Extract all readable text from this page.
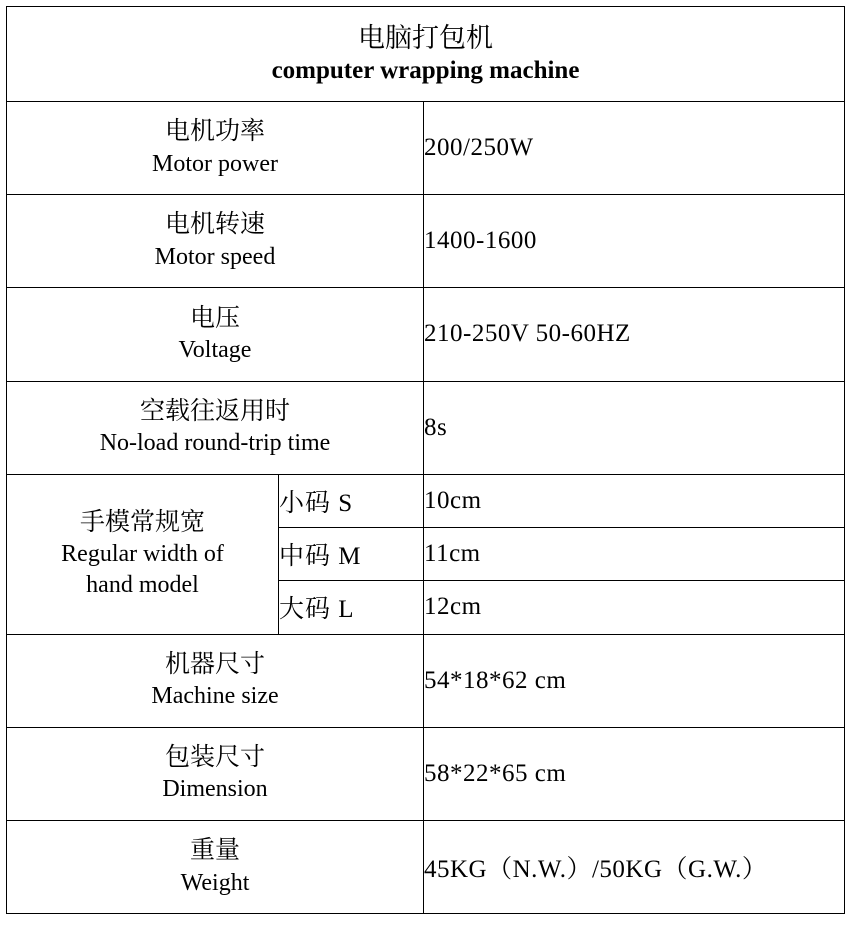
电脑打包机
computer wrapping machine		

电机功率
Motor power		200/250W

电机转速
Motor speed		1400-1600

电压
Voltage		210-250V 50-60HZ

空载往返用时
No-load round-trip time		8s

手模常规宽
Regular width of
hand model	小码 S	10cm
	中码 M	11cm
	大码 L	12cm

机器尺寸
Machine size		54*18*62 cm

包装尺寸
Dimension		58*22*65 cm

重量
Weight		45KG（N.W.）/50KG（G.W.）
